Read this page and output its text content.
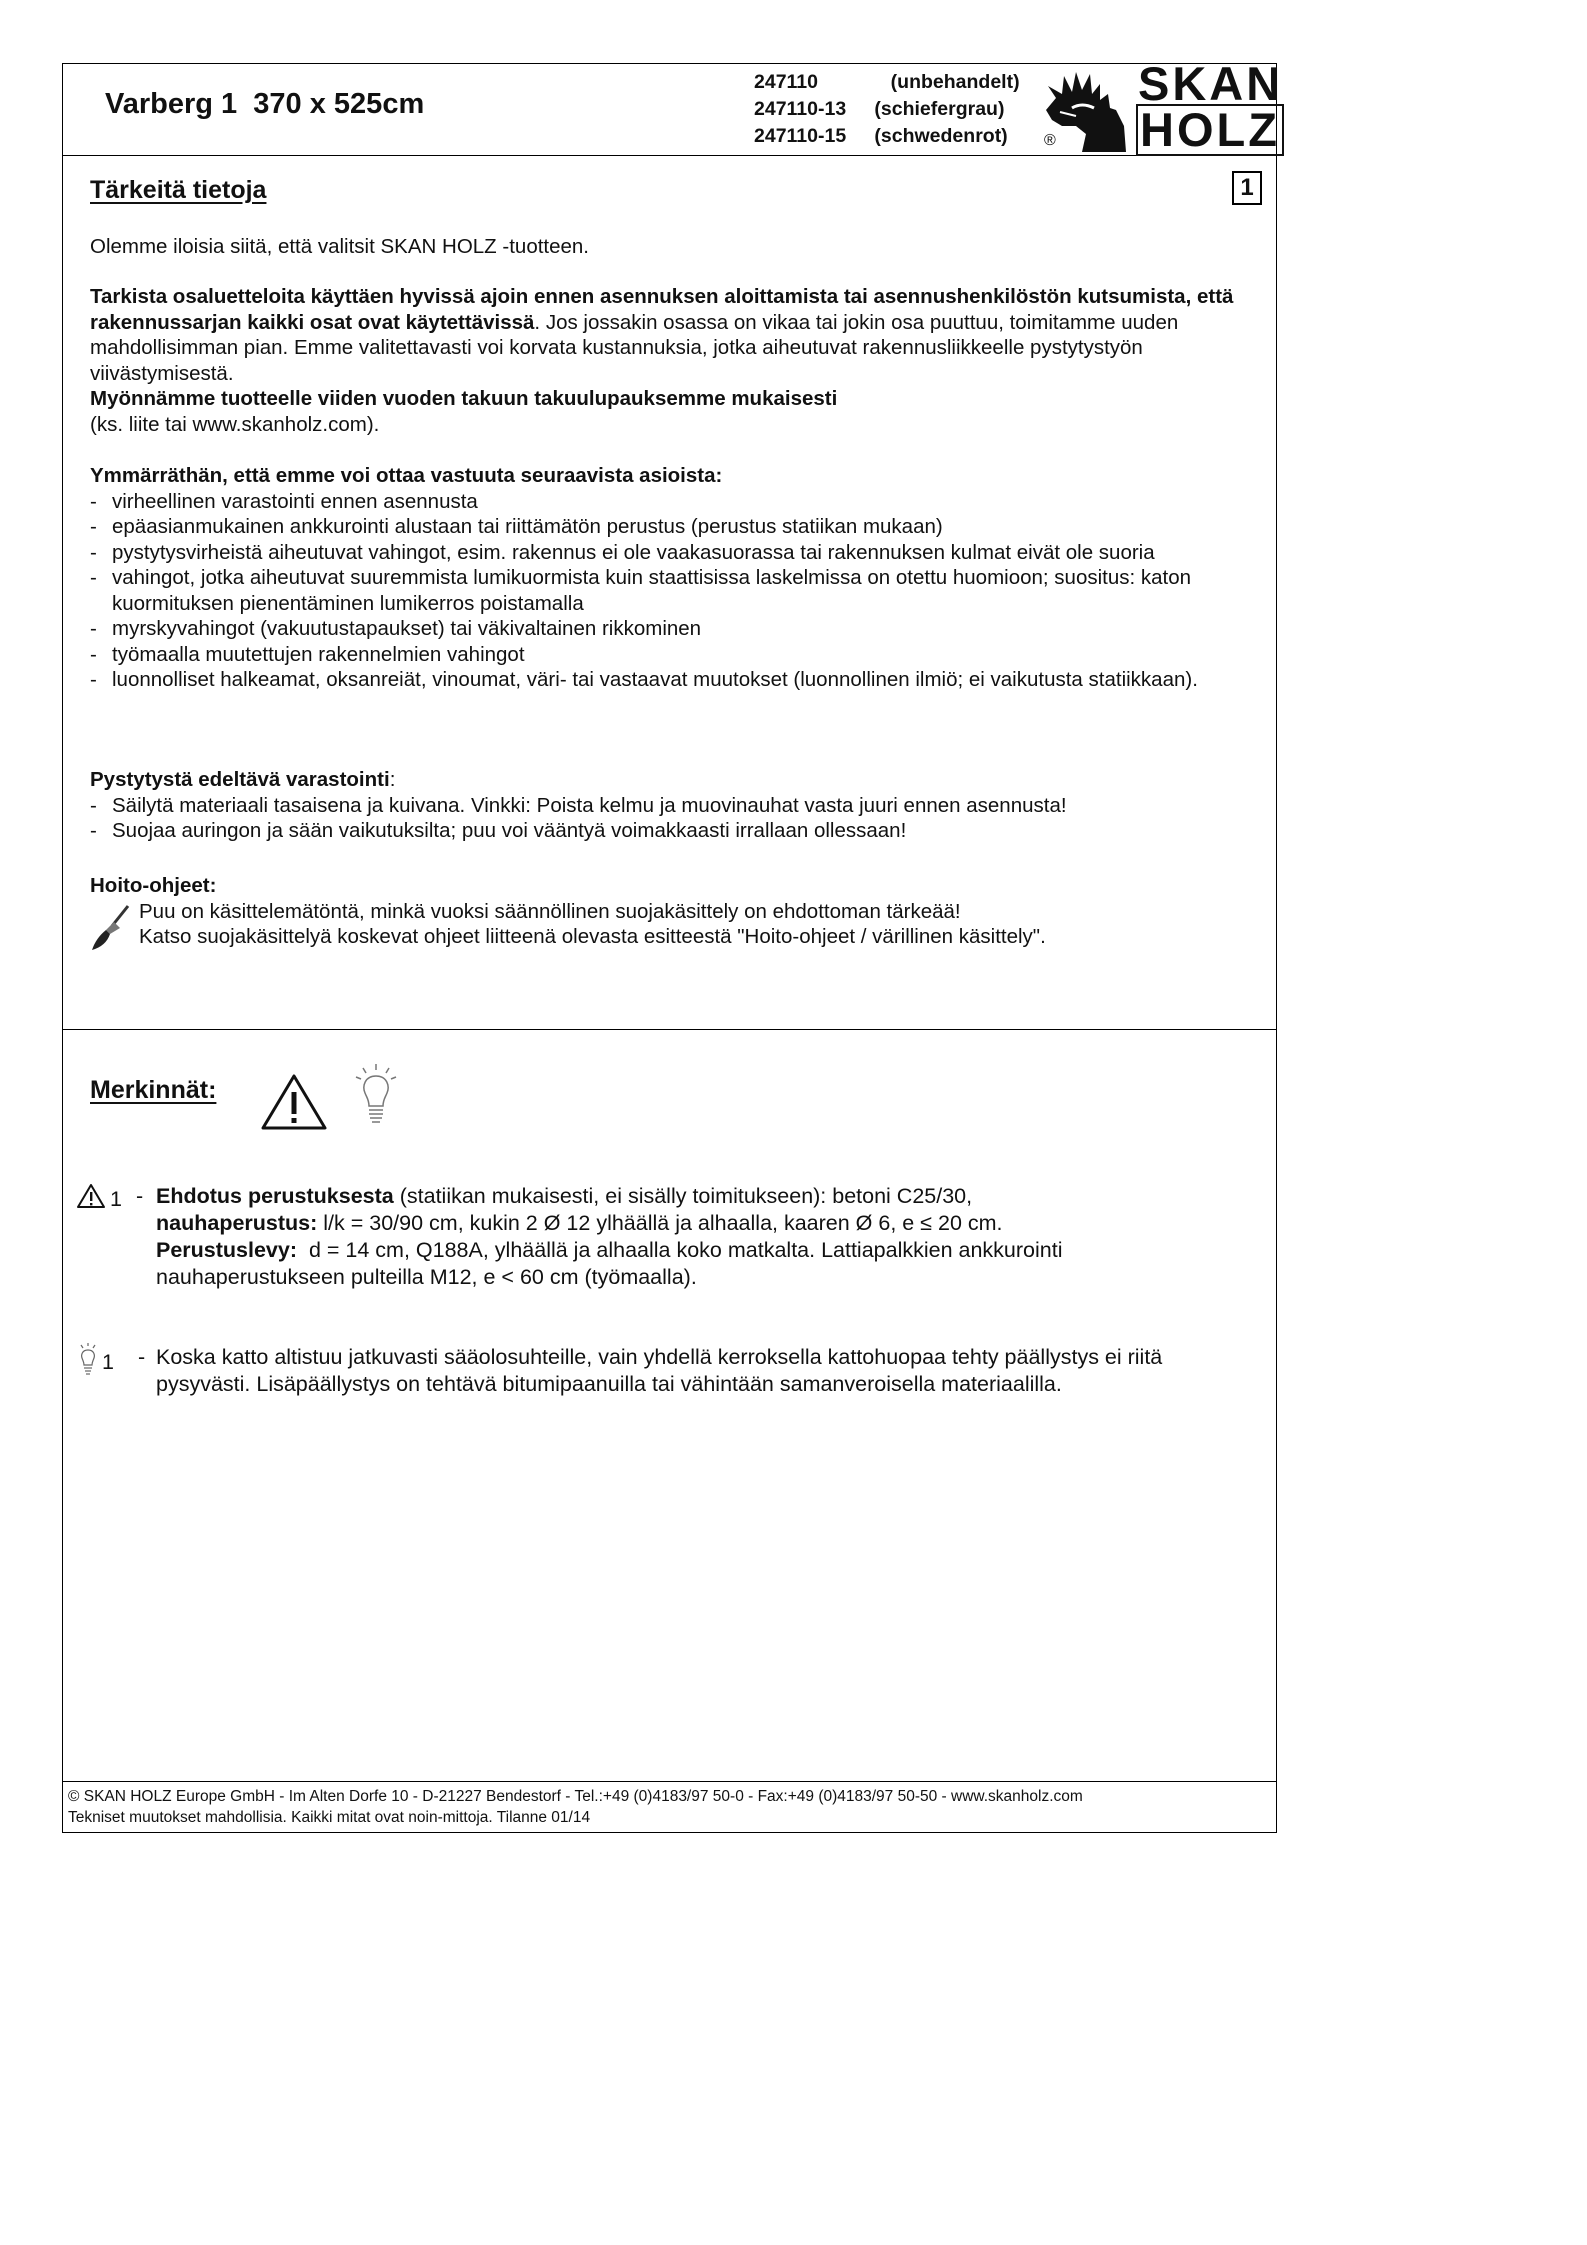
Varberg 1  370 x 525cm
247110	(unbehandelt)
247110-13	(schiefergrau)
247110-15	(schwedenrot)
SKAN
HOLZ
®
1
Tärkeitä tietoja

Olemme iloisia siitä, että valitsit SKAN HOLZ -tuotteen.

Tarkista osaluetteloita käyttäen hyvissä ajoin ennen asennuksen aloittamista tai asennushenkilöstön kutsumista, että rakennussarjan kaikki osat ovat käytettävissä. Jos jossakin osassa on vikaa tai jokin osa puuttuu, toimitamme uuden mahdollisimman pian. Emme valitettavasti voi korvata kustannuksia, jotka aiheutuvat rakennusliikkeelle pystytystyön viivästymisestä.

Myönnämme tuotteelle viiden vuoden takuun takuulupauksemme mukaisesti

(ks. liite tai www.skanholz.com).

Ymmärräthän, että emme voi ottaa vastuuta seuraavista asioista:

- virheellinen varastointi ennen asennusta
- epäasianmukainen ankkurointi alustaan tai riittämätön perustus (perustus statiikan mukaan)
- pystytysvirheistä aiheutuvat vahingot, esim. rakennus ei ole vaakasuorassa tai rakennuksen kulmat eivät ole suoria
- vahingot, jotka aiheutuvat suuremmista lumikuormista kuin staattisissa laskelmissa on otettu huomioon; suositus: katon kuormituksen pienentäminen lumikerros poistamalla
- myrskyvahingot (vakuutustapaukset) tai väkivaltainen rikkominen
- työmaalla muutettujen rakennelmien vahingot
- luonnolliset halkeamat, oksanreiät, vinoumat, väri- tai vastaavat muutokset (luonnollinen ilmiö; ei vaikutusta statiikkaan).

Pystytystä edeltävä varastointi:

- Säilytä materiaali tasaisena ja kuivana. Vinkki: Poista kelmu ja muovinauhat vasta juuri ennen asennusta!
- Suojaa auringon ja sään vaikutuksilta; puu voi vääntyä voimakkaasti irrallaan ollessaan!

Hoito-ohjeet:

Puu on käsittelemätöntä, minkä vuoksi säännöllinen suojakäsittely on ehdottoman tärkeää!

Katso suojakäsittelyä koskevat ohjeet liitteenä olevasta esitteestä "Hoito-ohjeet / värillinen käsittely".

Merkinnät:
1 - Ehdotus perustuksesta (statiikan mukaisesti, ei sisälly toimitukseen): betoni C25/30,

nauhaperustus: l/k = 30/90 cm, kukin 2 Ø 12 ylhäällä ja alhaalla, kaaren Ø 6, e ≤ 20 cm.

Perustuslevy:  d = 14 cm, Q188A, ylhäällä ja alhaalla koko matkalta. Lattiapalkkien ankkurointi nauhaperustukseen pulteilla M12, e < 60 cm (työmaalla).

1 - Koska katto altistuu jatkuvasti sääolosuhteille, vain yhdellä kerroksella kattohuopaa tehty päällystys ei riitä pysyvästi. Lisäpäällystys on tehtävä bitumipaanuilla tai vähintään samanveroisella materiaalilla.

© SKAN HOLZ Europe GmbH - Im Alten Dorfe 10 - D-21227 Bendestorf - Tel.:+49 (0)4183/97 50-0 - Fax:+49 (0)4183/97 50-50 - www.skanholz.com
Tekniset muutokset mahdollisia. Kaikki mitat ovat noin-mittoja. Tilanne 01/14
